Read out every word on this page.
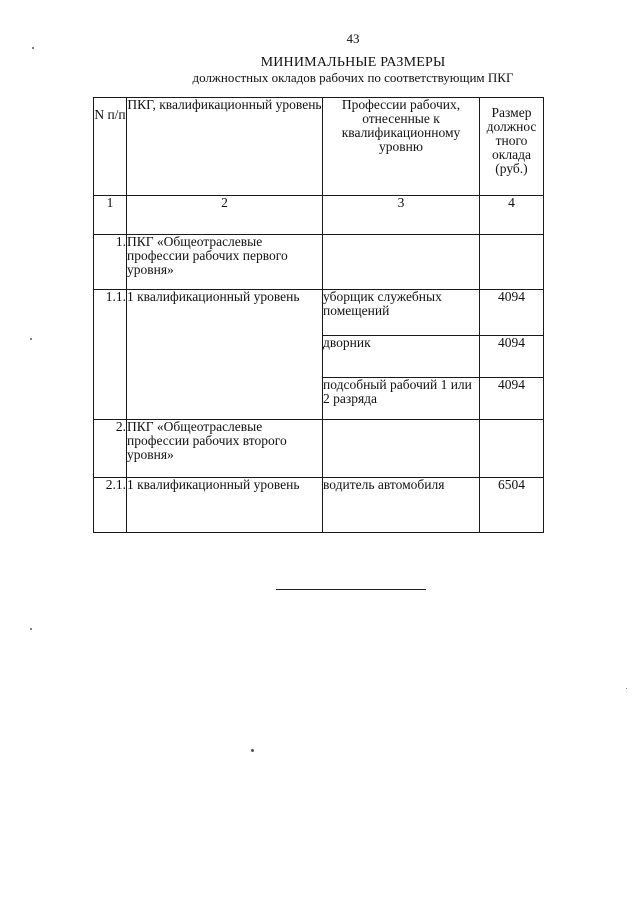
43
МИНИМАЛЬНЫЕ РАЗМЕРЫ
должностных окладов рабочих по соответствующим ПКГ
N п/п	ПКГ, квалификационный уровень	Профессии рабочих, отнесенные к квалификационному уровню	Размер должнос тного оклада (руб.)
1	2	3	4
1.	ПКГ «Общеотраслевые профессии рабочих первого уровня»		
1.1.	1 квалификационный уровень	уборщик служебных помещений	4094
		дворник	4094
		подсобный рабочий 1 или 2 разряда	4094
2.	ПКГ «Общеотраслевые профессии рабочих второго уровня»		
2.1.	1 квалификационный уровень	водитель автомобиля	6504
